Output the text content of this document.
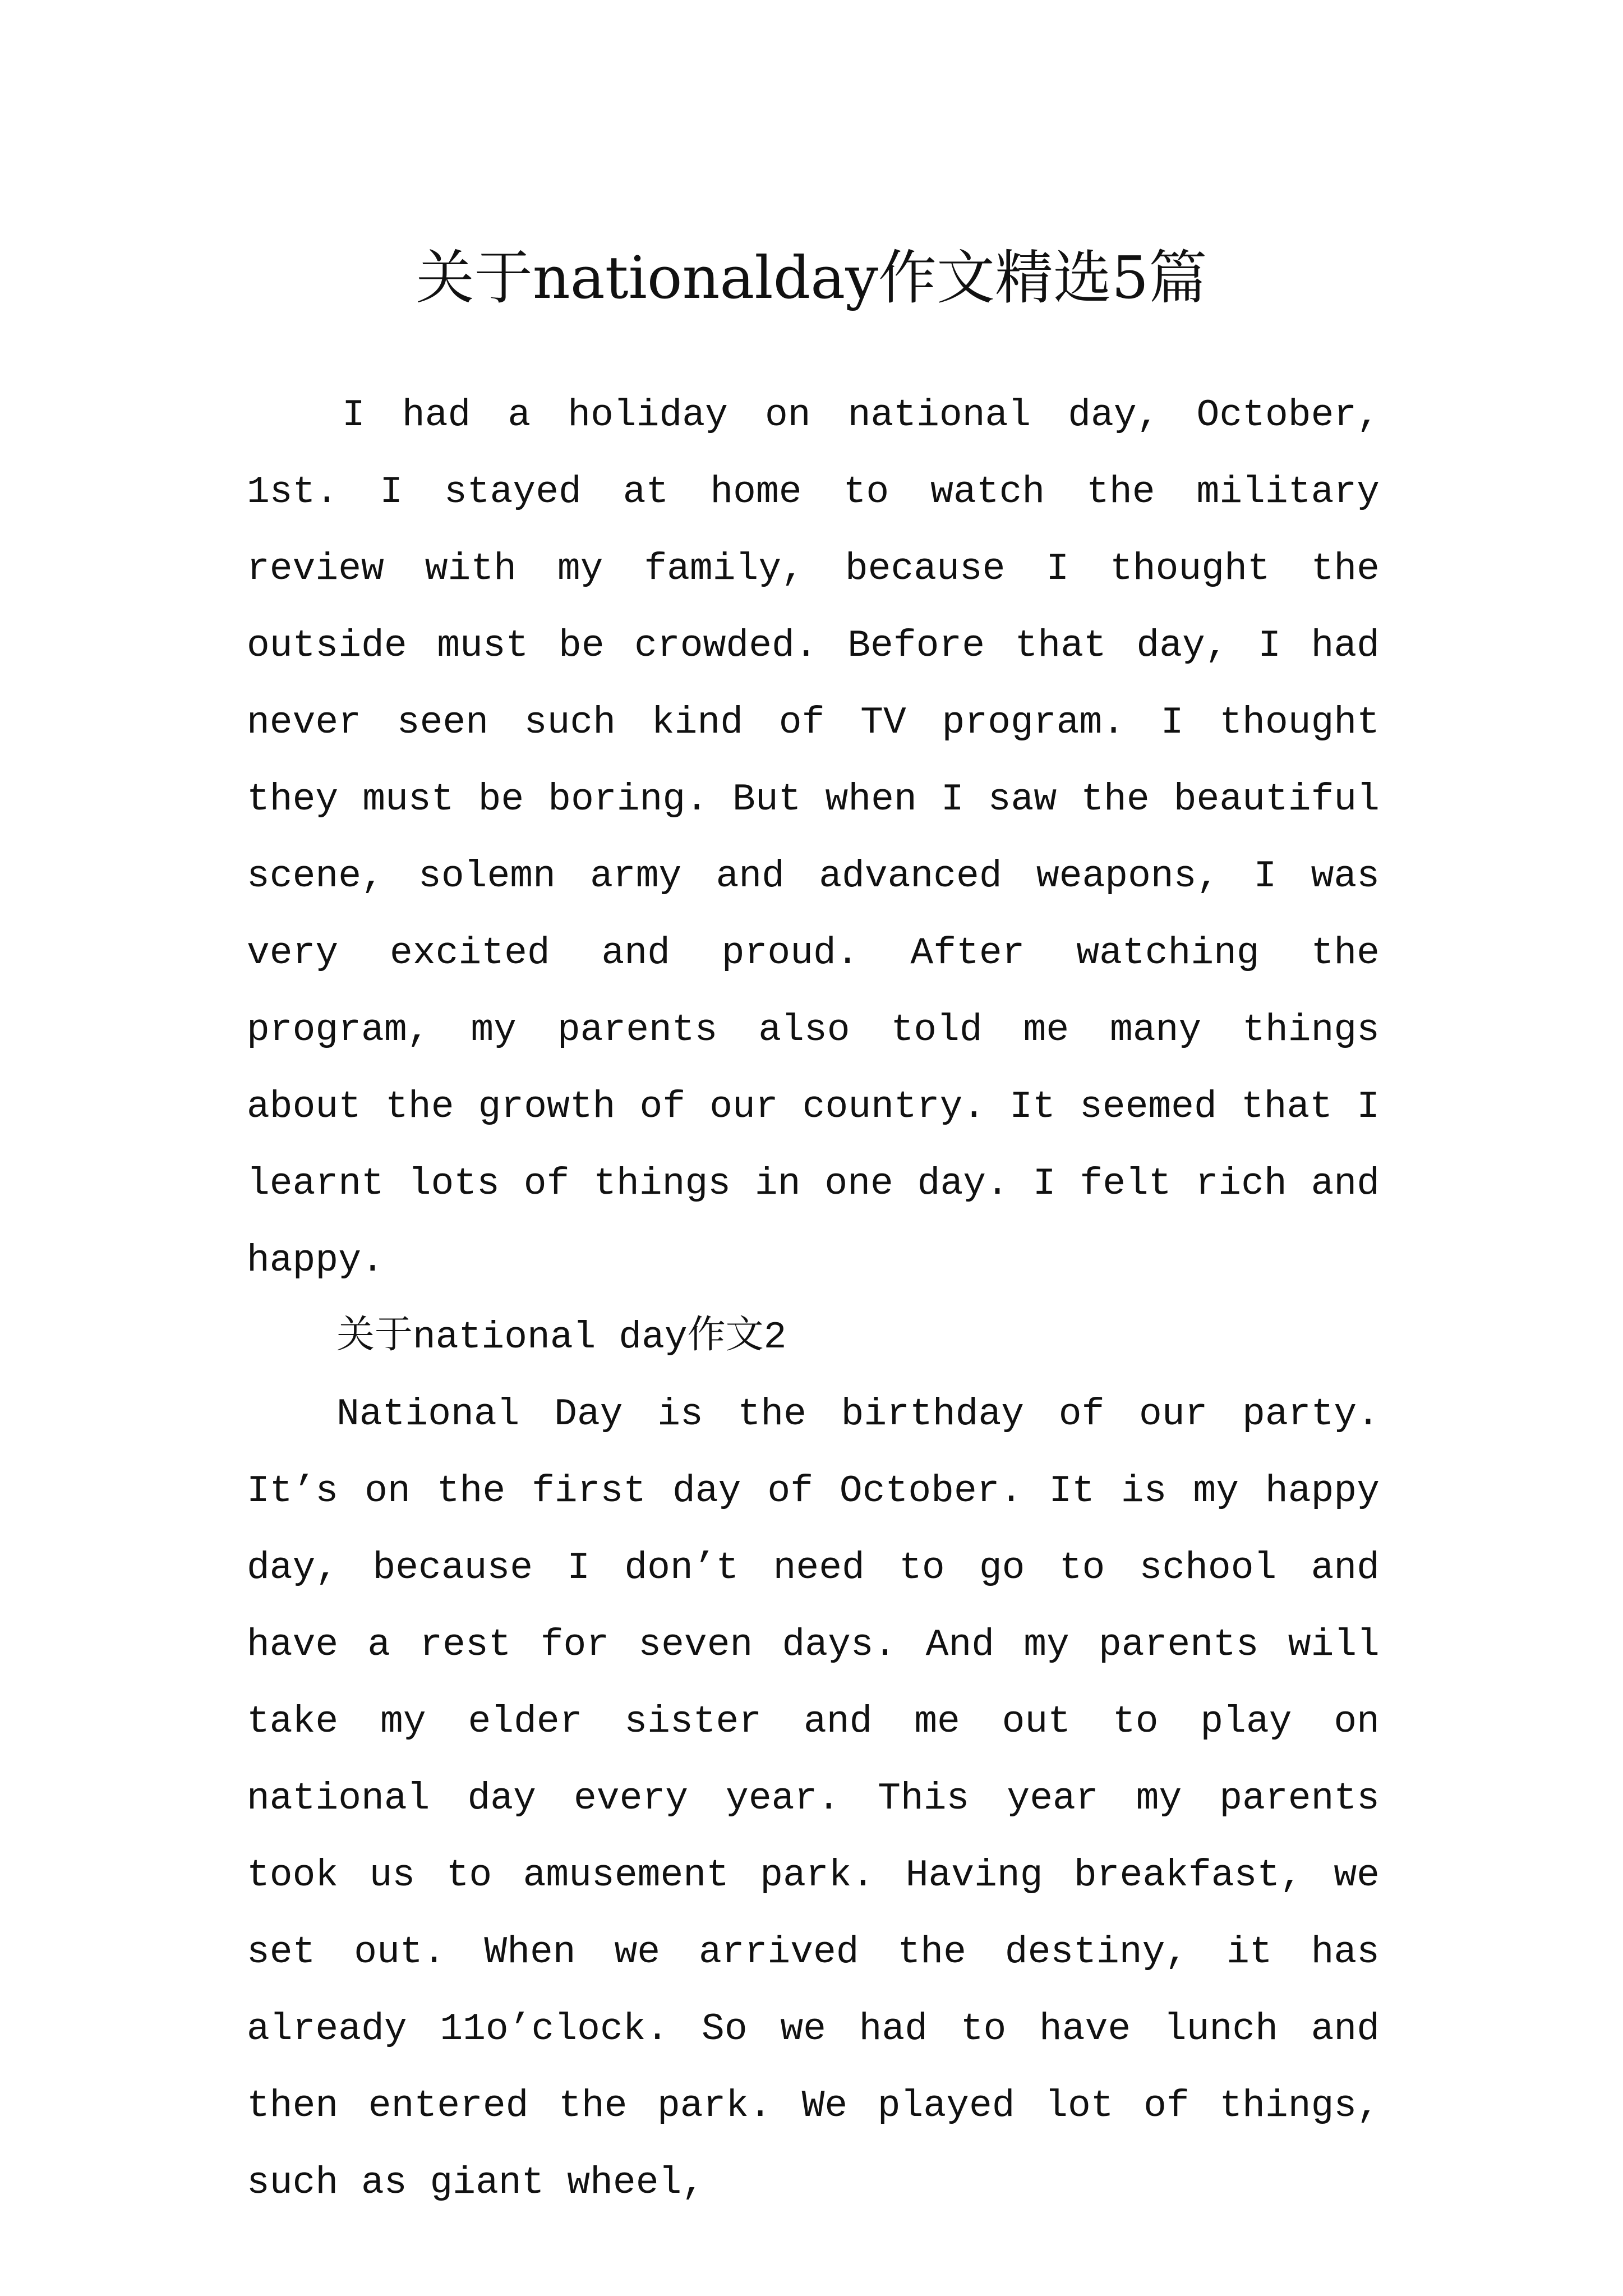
关于nationalday作文精选5篇

I had a holiday on national day, October, 1st. I stayed at home to watch the military review with my family, because I thought the outside must be crowded. Before that day, I had never seen such kind of TV program. I thought they must be boring. But when I saw the beautiful scene, solemn army and advanced weapons, I was very excited and proud. After watching the program, my parents also told me many things about the growth of our country. It seemed that I learnt lots of things in one day. I felt rich and happy.

关于national day作文2

National Day is the birthday of our party. It’s on the first day of October. It is my happy day, because I don’t need to go to school and have a rest for seven days. And my parents will take my elder sister and me out to play on national day every year. This year my parents took us to amusement park. Having breakfast, we set out. When we arrived the destiny, it has already 11o’clock. So we had to have lunch and then entered the park. We played lot of things, such as giant wheel,
